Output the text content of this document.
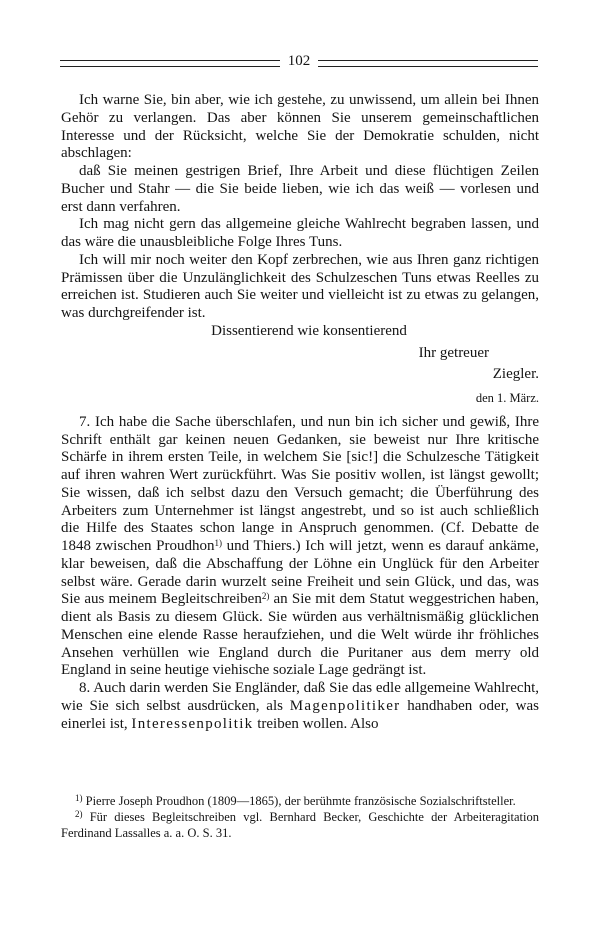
102

Ich warne Sie, bin aber, wie ich gestehe, zu unwissend, um allein bei Ihnen Gehör zu verlangen. Das aber können Sie unserem gemeinschaftlichen Interesse und der Rücksicht, welche Sie der Demokratie schulden, nicht abschlagen:

daß Sie meinen gestrigen Brief, Ihre Arbeit und diese flüchtigen Zeilen Bucher und Stahr — die Sie beide lieben, wie ich das weiß — vorlesen und erst dann verfahren.

Ich mag nicht gern das allgemeine gleiche Wahlrecht begraben lassen, und das wäre die unausbleibliche Folge Ihres Tuns.

Ich will mir noch weiter den Kopf zerbrechen, wie aus Ihren ganz richtigen Prämissen über die Unzulänglichkeit des Schulzeschen Tuns etwas Reelles zu erreichen ist. Studieren auch Sie weiter und vielleicht ist zu etwas zu gelangen, was durchgreifender ist.

Dissentierend wie konsentierend

Ihr getreuer

Ziegler.

den 1. März.

7. Ich habe die Sache überschlafen, und nun bin ich sicher und gewiß, Ihre Schrift enthält gar keinen neuen Gedanken, sie beweist nur Ihre kritische Schärfe in ihrem ersten Teile, in welchem Sie [sic!] die Schulzesche Tätigkeit auf ihren wahren Wert zurückführt. Was Sie positiv wollen, ist längst gewollt; Sie wissen, daß ich selbst dazu den Versuch gemacht; die Überführung des Arbeiters zum Unternehmer ist längst angestrebt, und so ist auch schließlich die Hilfe des Staates schon lange in Anspruch genommen. (Cf. Debatte de 1848 zwischen Proudhon$^{1)}$ und Thiers.) Ich will jetzt, wenn es darauf ankäme, klar beweisen, daß die Abschaffung der Löhne ein Unglück für den Arbeiter selbst wäre. Gerade darin wurzelt seine Freiheit und sein Glück, und das, was Sie aus meinem Begleitschreiben$^{2)}$ an Sie mit dem Statut weggestrichen haben, dient als Basis zu diesem Glück. Sie würden aus verhältnismäßig glücklichen Menschen eine elende Rasse heraufziehen, und die Welt würde ihr fröhliches Ansehen verhüllen wie England durch die Puritaner aus dem merry old England in seine heutige viehische soziale Lage gedrängt ist.

8. Auch darin werden Sie Engländer, daß Sie das edle allgemeine Wahlrecht, wie Sie sich selbst ausdrücken, als Magenpolitiker handhaben oder, was einerlei ist, Interessenpolitik treiben wollen. Also

$^{1)}$ Pierre Joseph Proudhon (1809—1865), der berühmte französische Sozialschriftsteller.

$^{2)}$ Für dieses Begleitschreiben vgl. Bernhard Becker, Geschichte der Arbeiteragitation Ferdinand Lassalles a. a. O. S. 31.
